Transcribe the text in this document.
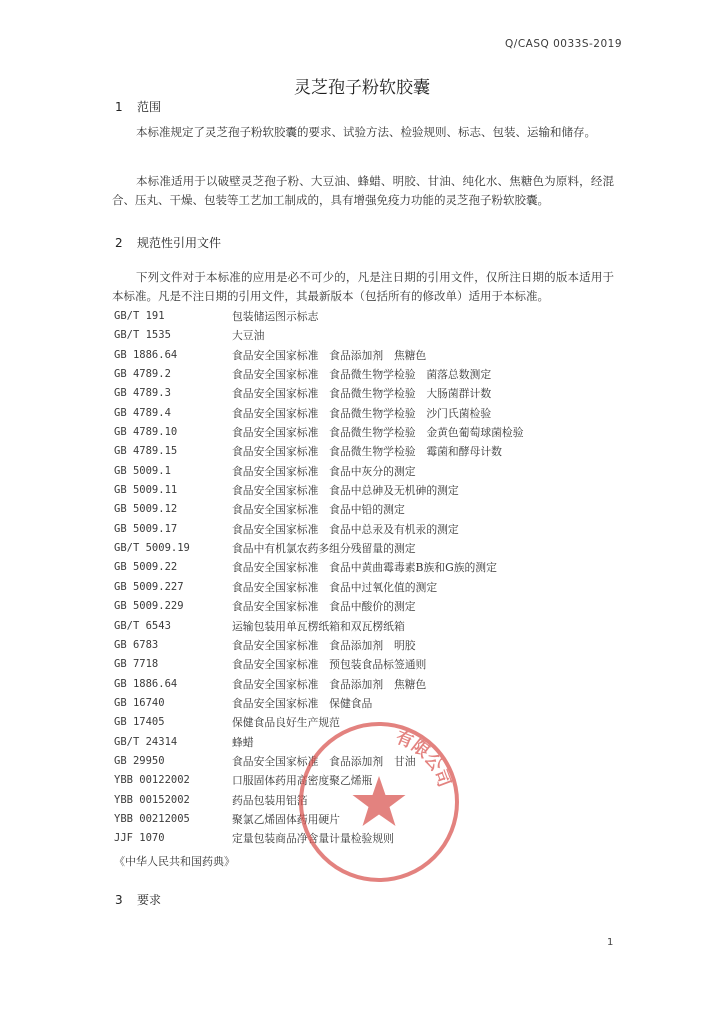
Q/CASQ 0033S-2019
灵芝孢子粉软胶囊
1 范围
本标准规定了灵芝孢子粉软胶囊的要求、试验方法、检验规则、标志、包装、运输和储存。
本标准适用于以破壁灵芝孢子粉、大豆油、蜂蜡、明胶、甘油、纯化水、焦糖色为原料，经混合、压丸、干燥、包装等工艺加工制成的，具有增强免疫力功能的灵芝孢子粉软胶囊。
2 规范性引用文件
下列文件对于本标准的应用是必不可少的，凡是注日期的引用文件，仅所注日期的版本适用于本标准。凡是不注日期的引用文件，其最新版本（包括所有的修改单）适用于本标准。
GB/T 191	包装储运图示标志
GB/T 1535	大豆油
GB 1886.64	食品安全国家标准　食品添加剂　焦糖色
GB 4789.2	食品安全国家标准　食品微生物学检验　菌落总数测定
GB 4789.3	食品安全国家标准　食品微生物学检验　大肠菌群计数
GB 4789.4	食品安全国家标准　食品微生物学检验　沙门氏菌检验
GB 4789.10	食品安全国家标准　食品微生物学检验　金黄色葡萄球菌检验
GB 4789.15	食品安全国家标准　食品微生物学检验　霉菌和酵母计数
GB 5009.1	食品安全国家标准　食品中灰分的测定
GB 5009.11	食品安全国家标准　食品中总砷及无机砷的测定
GB 5009.12	食品安全国家标准　食品中铅的测定
GB 5009.17	食品安全国家标准　食品中总汞及有机汞的测定
GB/T 5009.19	食品中有机氯农药多组分残留量的测定
GB 5009.22	食品安全国家标准　食品中黄曲霉毒素B族和G族的测定
GB 5009.227	食品安全国家标准　食品中过氧化值的测定
GB 5009.229	食品安全国家标准　食品中酸价的测定
GB/T 6543	运输包装用单瓦楞纸箱和双瓦楞纸箱
GB 6783	食品安全国家标准　食品添加剂　明胶
GB 7718	食品安全国家标准　预包装食品标签通则
GB 1886.64	食品安全国家标准　食品添加剂　焦糖色
GB 16740	食品安全国家标准　保健食品
GB 17405	保健食品良好生产规范
GB/T 24314	蜂蜡
GB 29950	食品安全国家标准　食品添加剂　甘油
YBB 00122002	口服固体药用高密度聚乙烯瓶
YBB 00152002	药品包装用铝箔
YBB 00212005	聚氯乙烯固体药用硬片
JJF 1070	定量包装商品净含量计量检验规则
《中华人民共和国药典》
3 要求
1
有限公司
